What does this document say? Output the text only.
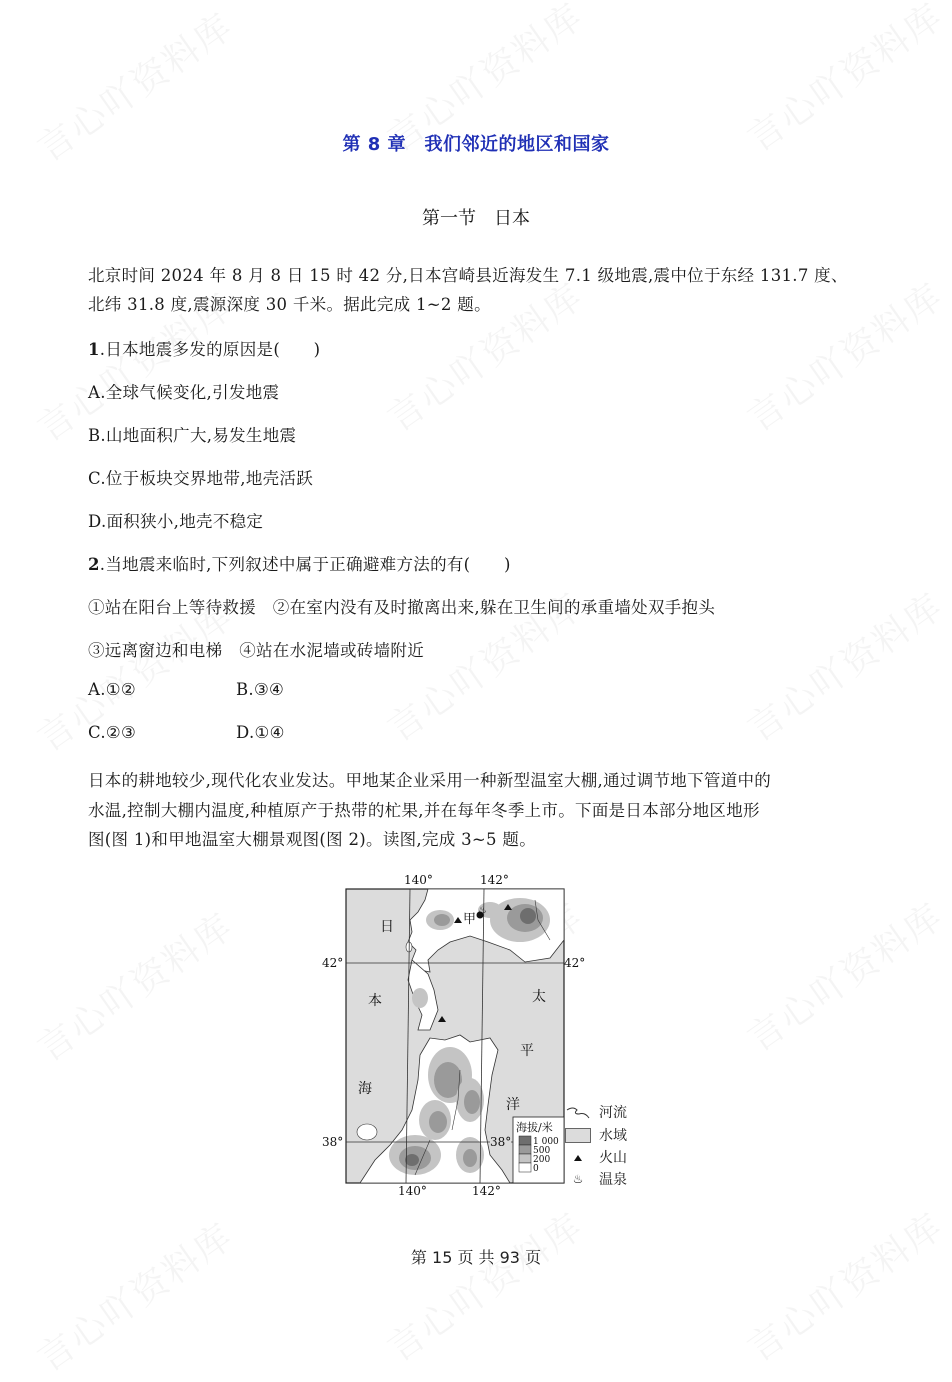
第 8 章　我们邻近的地区和国家
第一节　日本
北京时间 2024 年 8 月 8 日 15 时 42 分,日本宫崎县近海发生 7.1 级地震,震中位于东经 131.7 度、
北纬 31.8 度,震源深度 30 千米。据此完成 1~2 题。
1.日本地震多发的原因是(　　)
A.全球气候变化,引发地震
B.山地面积广大,易发生地震
C.位于板块交界地带,地壳活跃
D.面积狭小,地壳不稳定
2.当地震来临时,下列叙述中属于正确避难方法的有(　　)
①站在阳台上等待救援　②在室内没有及时撤离出来,躲在卫生间的承重墙处双手抱头
③远离窗边和电梯　④站在水泥墙或砖墙附近
A.①②	B.③④
C.②③	D.①④
日本的耕地较少,现代化农业发达。甲地某企业采用一种新型温室大棚,通过调节地下管道中的
水温,控制大棚内温度,种植原产于热带的杧果,并在每年冬季上市。下面是日本部分地区地形
图(图 1)和甲地温室大棚景观图(图 2)。读图,完成 3~5 题。
♨
140°	142°
140°	142°
42°
38°
42°
38°
甲
日
本
海
太
平
洋
海拔/米
1 000
500
200
0
河流
水域
火山
♨	温泉
第 15 页 共 93 页
